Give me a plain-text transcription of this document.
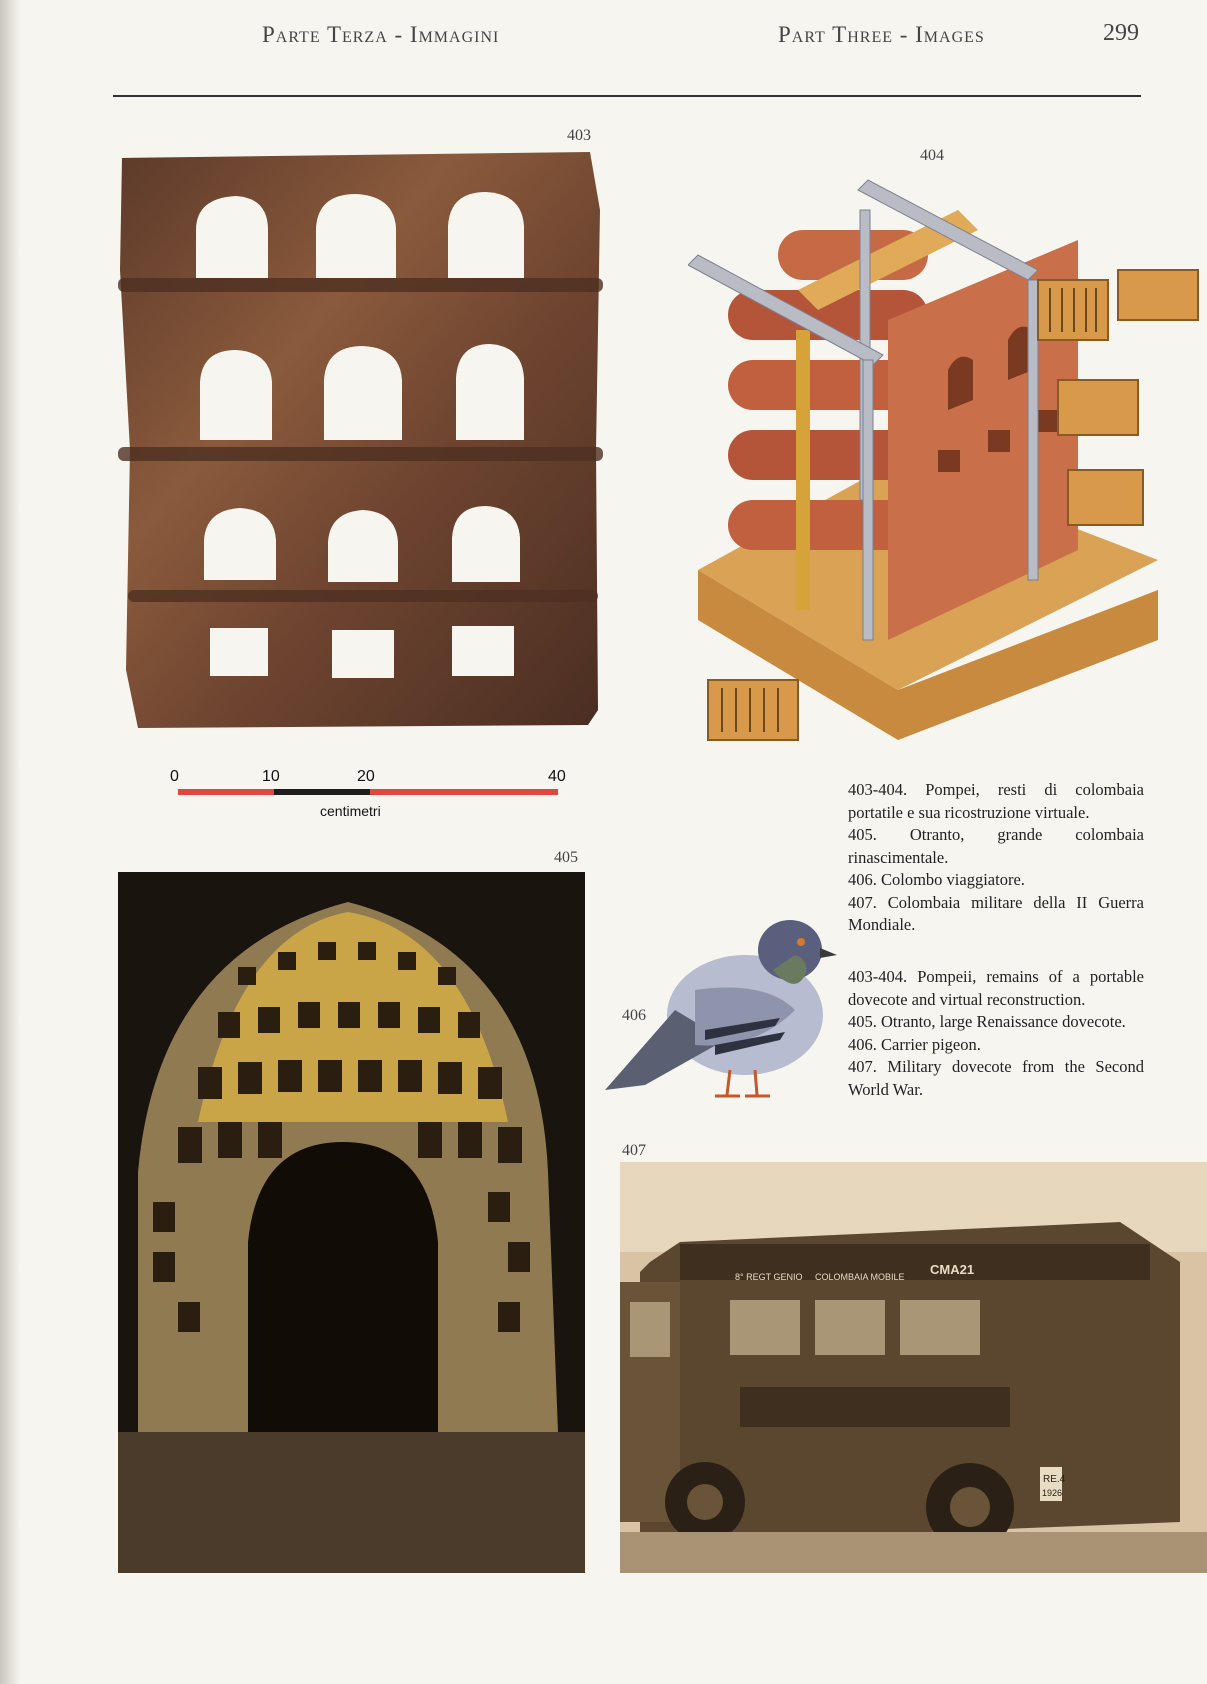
Parte Terza - Immagini	Part Three - Images	299
403
0	10	20	40
centimetri
404
405
406
407
8° REGT GENIO COLOMBAIA MOBILE CMA21
RE.4
1926

403-404. Pompei, resti di colombaia portatile e sua ricostruzione virtuale.

405. Otranto, grande colombaia rinascimentale.

406. Colombo viaggiatore.

407. Colombaia militare della II Guerra Mondiale.

403-404. Pompeii, remains of a portable dovecote and virtual reconstruction.

405. Otranto, large Renaissance dovecote.

406. Carrier pigeon.

407. Military dovecote from the Second World War.
